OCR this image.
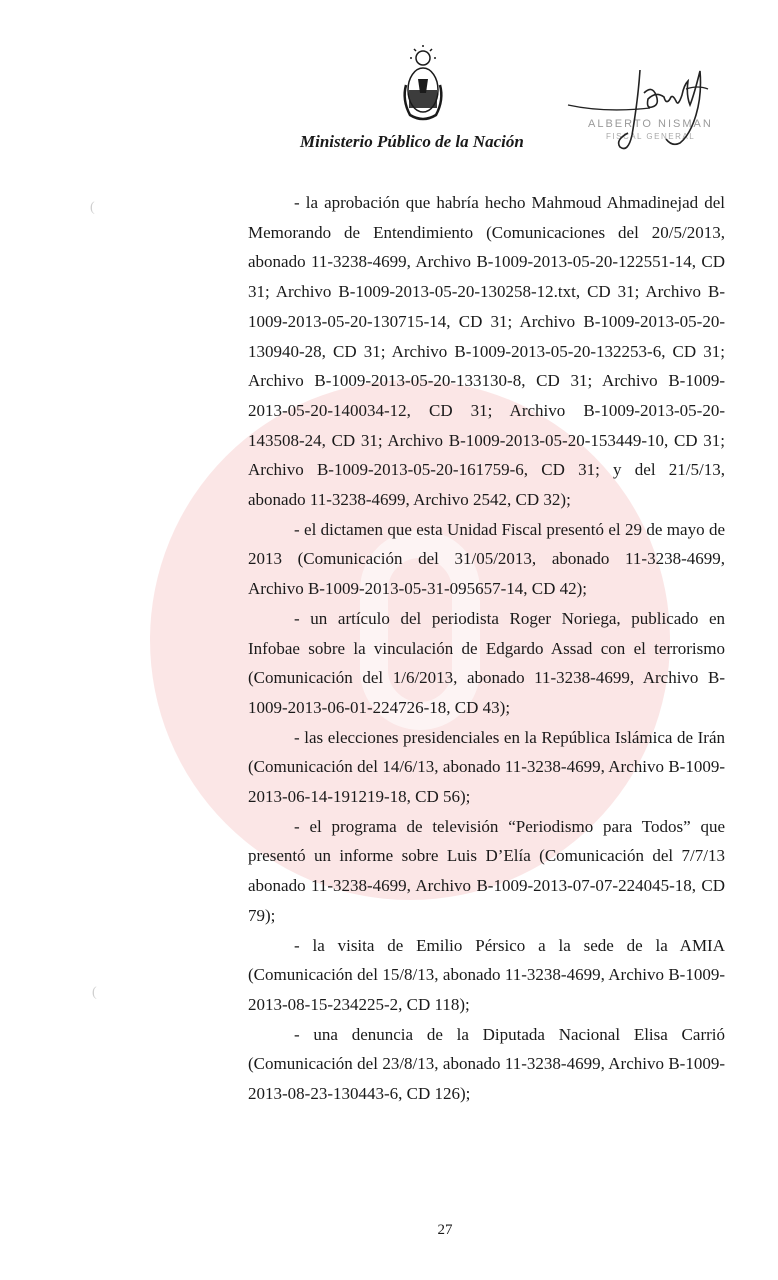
Ministerio Público de la Nación
ALBERTO NISMAN
FISCAL GENERAL
(
(

- la aprobación que habría hecho Mahmoud Ahmadinejad del Memorando de Entendimiento (Comunicaciones del 20/5/2013, abonado 11-3238-4699, Archivo B-1009-2013-05-20-122551-14, CD 31; Archivo B-1009-2013-05-20-130258-12.txt, CD 31; Archivo B-1009-2013-05-20-130715-14, CD 31; Archivo B-1009-2013-05-20-130940-28, CD 31; Archivo B-1009-2013-05-20-132253-6, CD 31; Archivo B-1009-2013-05-20-133130-8, CD 31; Archivo B-1009-2013-05-20-140034-12, CD 31; Archivo B-1009-2013-05-20-143508-24, CD 31; Archivo B-1009-2013-05-20-153449-10, CD 31; Archivo B-1009-2013-05-20-161759-6, CD 31; y del 21/5/13, abonado 11-3238-4699, Archivo 2542, CD 32);

- el dictamen que esta Unidad Fiscal presentó el 29 de mayo de 2013 (Comunicación del 31/05/2013, abonado 11-3238-4699, Archivo B-1009-2013-05-31-095657-14, CD 42);

- un artículo del periodista Roger Noriega, publicado en Infobae sobre la vinculación de Edgardo Assad con el terrorismo (Comunicación del 1/6/2013, abonado 11-3238-4699, Archivo B-1009-2013-06-01-224726-18, CD 43);

- las elecciones presidenciales en la República Islámica de Irán (Comunicación del 14/6/13, abonado 11-3238-4699, Archivo B-1009-2013-06-14-191219-18, CD 56);

- el programa de televisión “Periodismo para Todos” que presentó un informe sobre Luis D’Elía (Comunicación del 7/7/13 abonado 11-3238-4699, Archivo B-1009-2013-07-07-224045-18, CD 79);

- la visita de Emilio Pérsico a la sede de la AMIA (Comunicación del 15/8/13, abonado 11-3238-4699, Archivo B-1009-2013-08-15-234225-2, CD 118);

- una denuncia de la Diputada Nacional Elisa Carrió (Comunicación del 23/8/13, abonado 11-3238-4699, Archivo B-1009-2013-08-23-130443-6, CD 126);

27
